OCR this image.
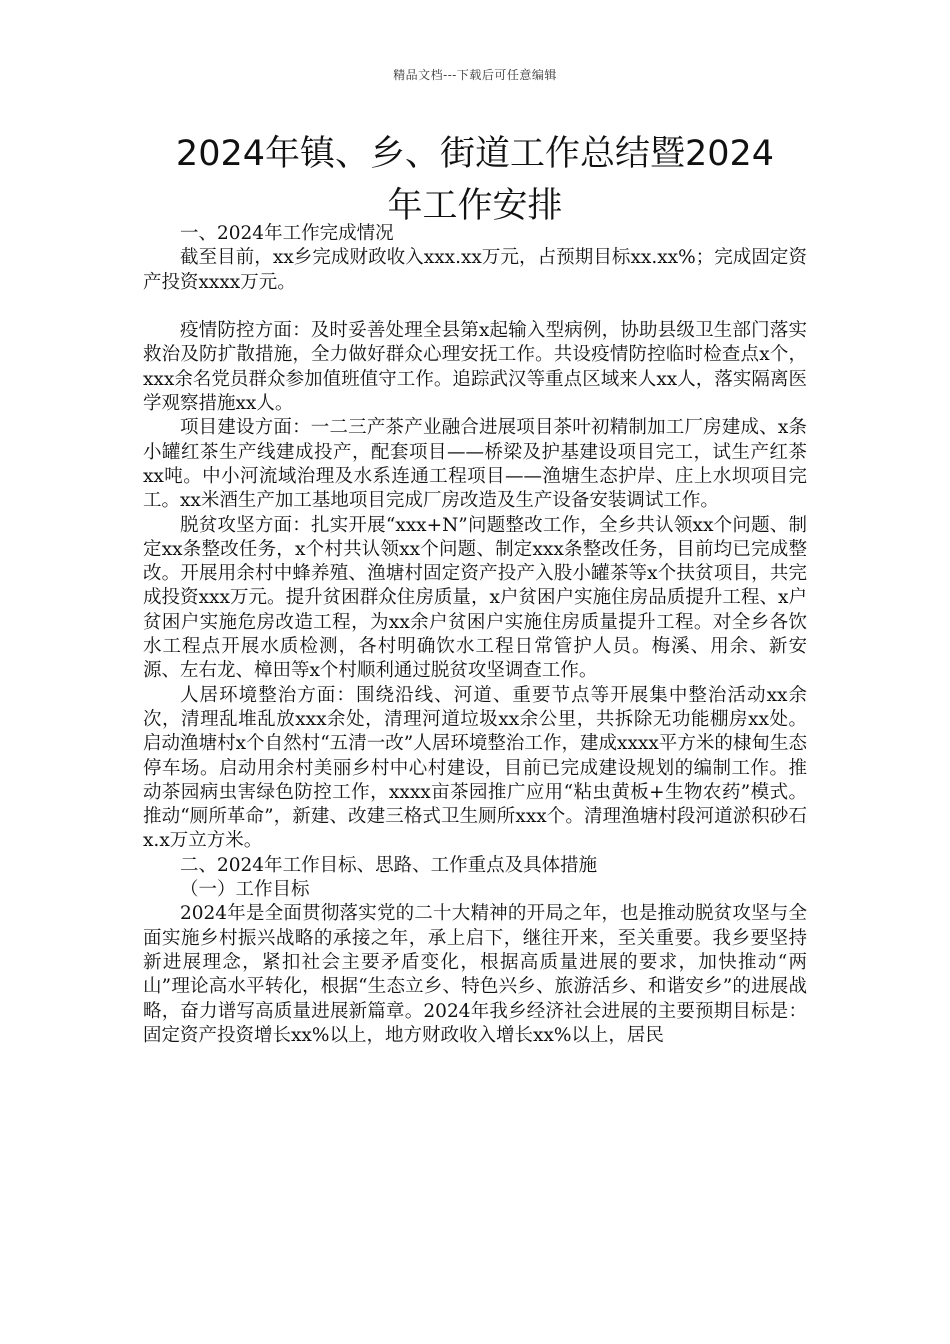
精品文档---下载后可任意编辑
2024年镇、乡、街道工作总结暨2024
年工作安排

一、2024年工作完成情况

截至目前，xx乡完成财政收入xxx.xx万元，占预期目标xx.xx%；完成固定资产投资xxxx万元。

疫情防控方面：及时妥善处理全县第x起输入型病例，协助县级卫生部门落实救治及防扩散措施，全力做好群众心理安抚工作。共设疫情防控临时检查点x个，xxx余名党员群众参加值班值守工作。追踪武汉等重点区域来人xx人，落实隔离医学观察措施xx人。

项目建设方面：一二三产茶产业融合进展项目茶叶初精制加工厂房建成、x条小罐红茶生产线建成投产，配套项目——桥梁及护基建设项目完工，试生产红茶xx吨。中小河流域治理及水系连通工程项目——渔塘生态护岸、庄上水坝项目完工。xx米酒生产加工基地项目完成厂房改造及生产设备安装调试工作。

脱贫攻坚方面：扎实开展“xxx+N”问题整改工作，全乡共认领xx个问题、制定xx条整改任务，x个村共认领xx个问题、制定xxx条整改任务，目前均已完成整改。开展用余村中蜂养殖、渔塘村固定资产投产入股小罐茶等x个扶贫项目，共完成投资xxx万元。提升贫困群众住房质量，x户贫困户实施住房品质提升工程、x户贫困户实施危房改造工程，为xx余户贫困户实施住房质量提升工程。对全乡各饮水工程点开展水质检测，各村明确饮水工程日常管护人员。梅溪、用余、新安源、左右龙、樟田等x个村顺利通过脱贫攻坚调查工作。

人居环境整治方面：围绕沿线、河道、重要节点等开展集中整治活动xx余次，清理乱堆乱放xxx余处，清理河道垃圾xx余公里，共拆除无功能棚房xx处。启动渔塘村x个自然村“五清一改”人居环境整治工作，建成xxxx平方米的棣甸生态停车场。启动用余村美丽乡村中心村建设，目前已完成建设规划的编制工作。推动茶园病虫害绿色防控工作，xxxx亩茶园推广应用“粘虫黄板+生物农药”模式。推动“厕所革命”，新建、改建三格式卫生厕所xxx个。清理渔塘村段河道淤积砂石x.x万立方米。

二、2024年工作目标、思路、工作重点及具体措施

（一）工作目标

2024年是全面贯彻落实党的二十大精神的开局之年，也是推动脱贫攻坚与全面实施乡村振兴战略的承接之年，承上启下，继往开来，至关重要。我乡要坚持新进展理念，紧扣社会主要矛盾变化，根据高质量进展的要求，加快推动“两山”理论高水平转化，根据“生态立乡、特色兴乡、旅游活乡、和谐安乡”的进展战略，奋力谱写高质量进展新篇章。2024年我乡经济社会进展的主要预期目标是：固定资产投资增长xx%以上，地方财政收入增长xx%以上，居民
